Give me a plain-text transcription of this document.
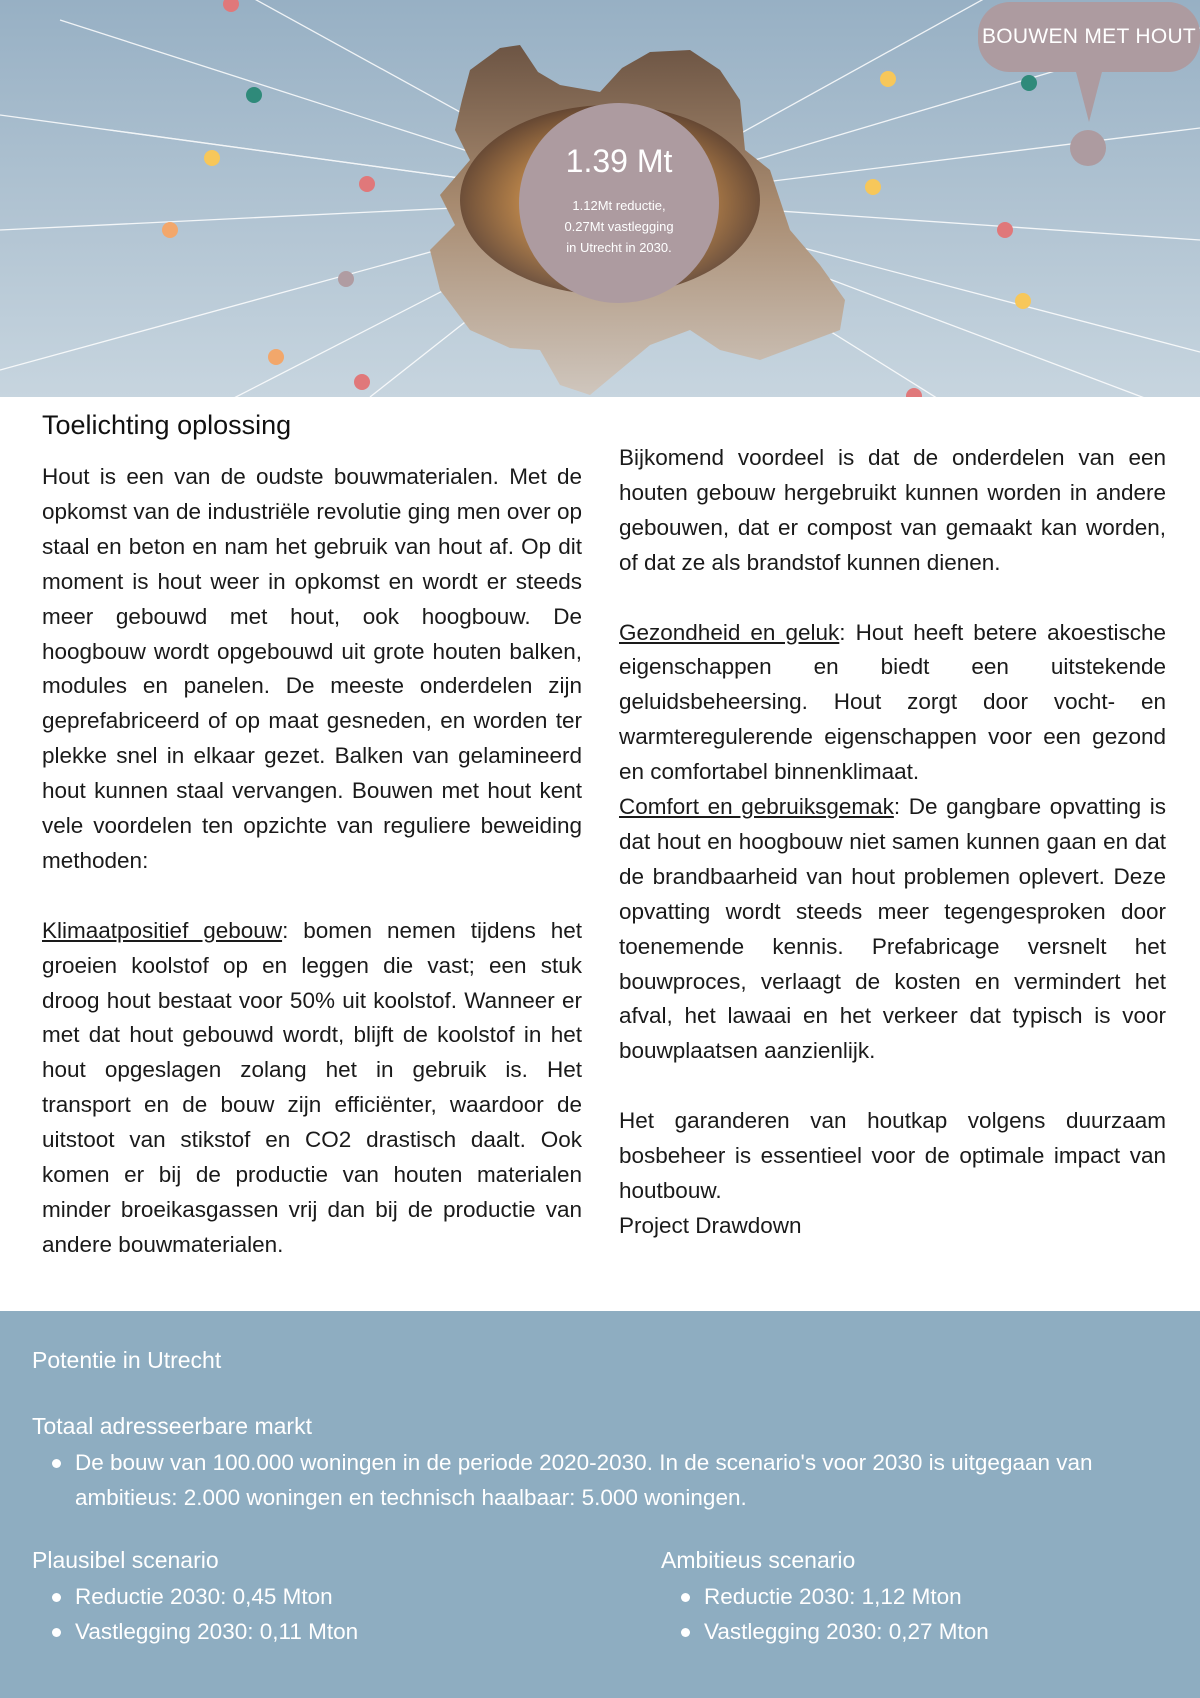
1.39 Mt
1.12Mt reductie,
0.27Mt vastlegging
in Utrecht in 2030.
BOUWEN MET HOUT
Toelichting oplossing

Hout is een van de oudste bouwmaterialen. Met de opkomst van de industriële revolutie ging men over op staal en beton en nam het gebruik van hout af. Op dit moment is hout weer in opkomst en wordt er steeds meer gebouwd met hout, ook hoogbouw. De hoogbouw wordt opgebouwd uit grote houten balken, modules en panelen. De meeste onderdelen zijn geprefabriceerd of op maat gesneden, en worden ter plekke snel in elkaar gezet. Balken van gelamineerd hout kunnen staal vervangen. Bouwen met hout kent vele voordelen ten opzichte van reguliere beweiding methoden:

Klimaatpositief gebouw: bomen nemen tijdens het groeien koolstof op en leggen die vast; een stuk droog hout bestaat voor 50% uit koolstof. Wanneer er met dat hout gebouwd wordt, blijft de koolstof in het hout opgeslagen zolang het in gebruik is. Het transport en de bouw zijn efficiënter, waardoor de uitstoot van stikstof en CO2 drastisch daalt. Ook komen er bij de productie van houten materialen minder broeikasgassen vrij dan bij de productie van andere bouwmaterialen.

Bijkomend voordeel is dat de onderdelen van een houten gebouw hergebruikt kunnen worden in andere gebouwen, dat er compost van gemaakt kan worden, of dat ze als brandstof kunnen dienen.

Gezondheid en geluk: Hout heeft betere akoestische eigenschappen en biedt een uitstekende geluidsbeheersing. Hout zorgt door vocht- en warmteregulerende eigenschappen voor een gezond en comfortabel binnenklimaat.

Comfort en gebruiksgemak: De gangbare opvatting is dat hout en hoogbouw niet samen kunnen gaan en dat de brandbaarheid van hout problemen oplevert. Deze opvatting wordt steeds meer tegengesproken door toenemende kennis. Prefabricage versnelt het bouwproces, verlaagt de kosten en vermindert het afval, het lawaai en het verkeer dat typisch is voor bouwplaatsen aanzienlijk.

Het garanderen van houtkap volgens duurzaam bosbeheer is essentieel voor de optimale impact van houtbouw.

Project Drawdown

Potentie in Utrecht
Totaal adresseerbare markt
De bouw van 100.000 woningen in de periode 2020-2030. In de scenario's voor 2030 is uitgegaan van ambitieus: 2.000 woningen en technisch haalbaar: 5.000 woningen.
Plausibel scenario
Reductie 2030: 0,45 Mton
Vastlegging 2030: 0,11 Mton
Ambitieus scenario
Reductie 2030: 1,12 Mton
Vastlegging 2030: 0,27 Mton
